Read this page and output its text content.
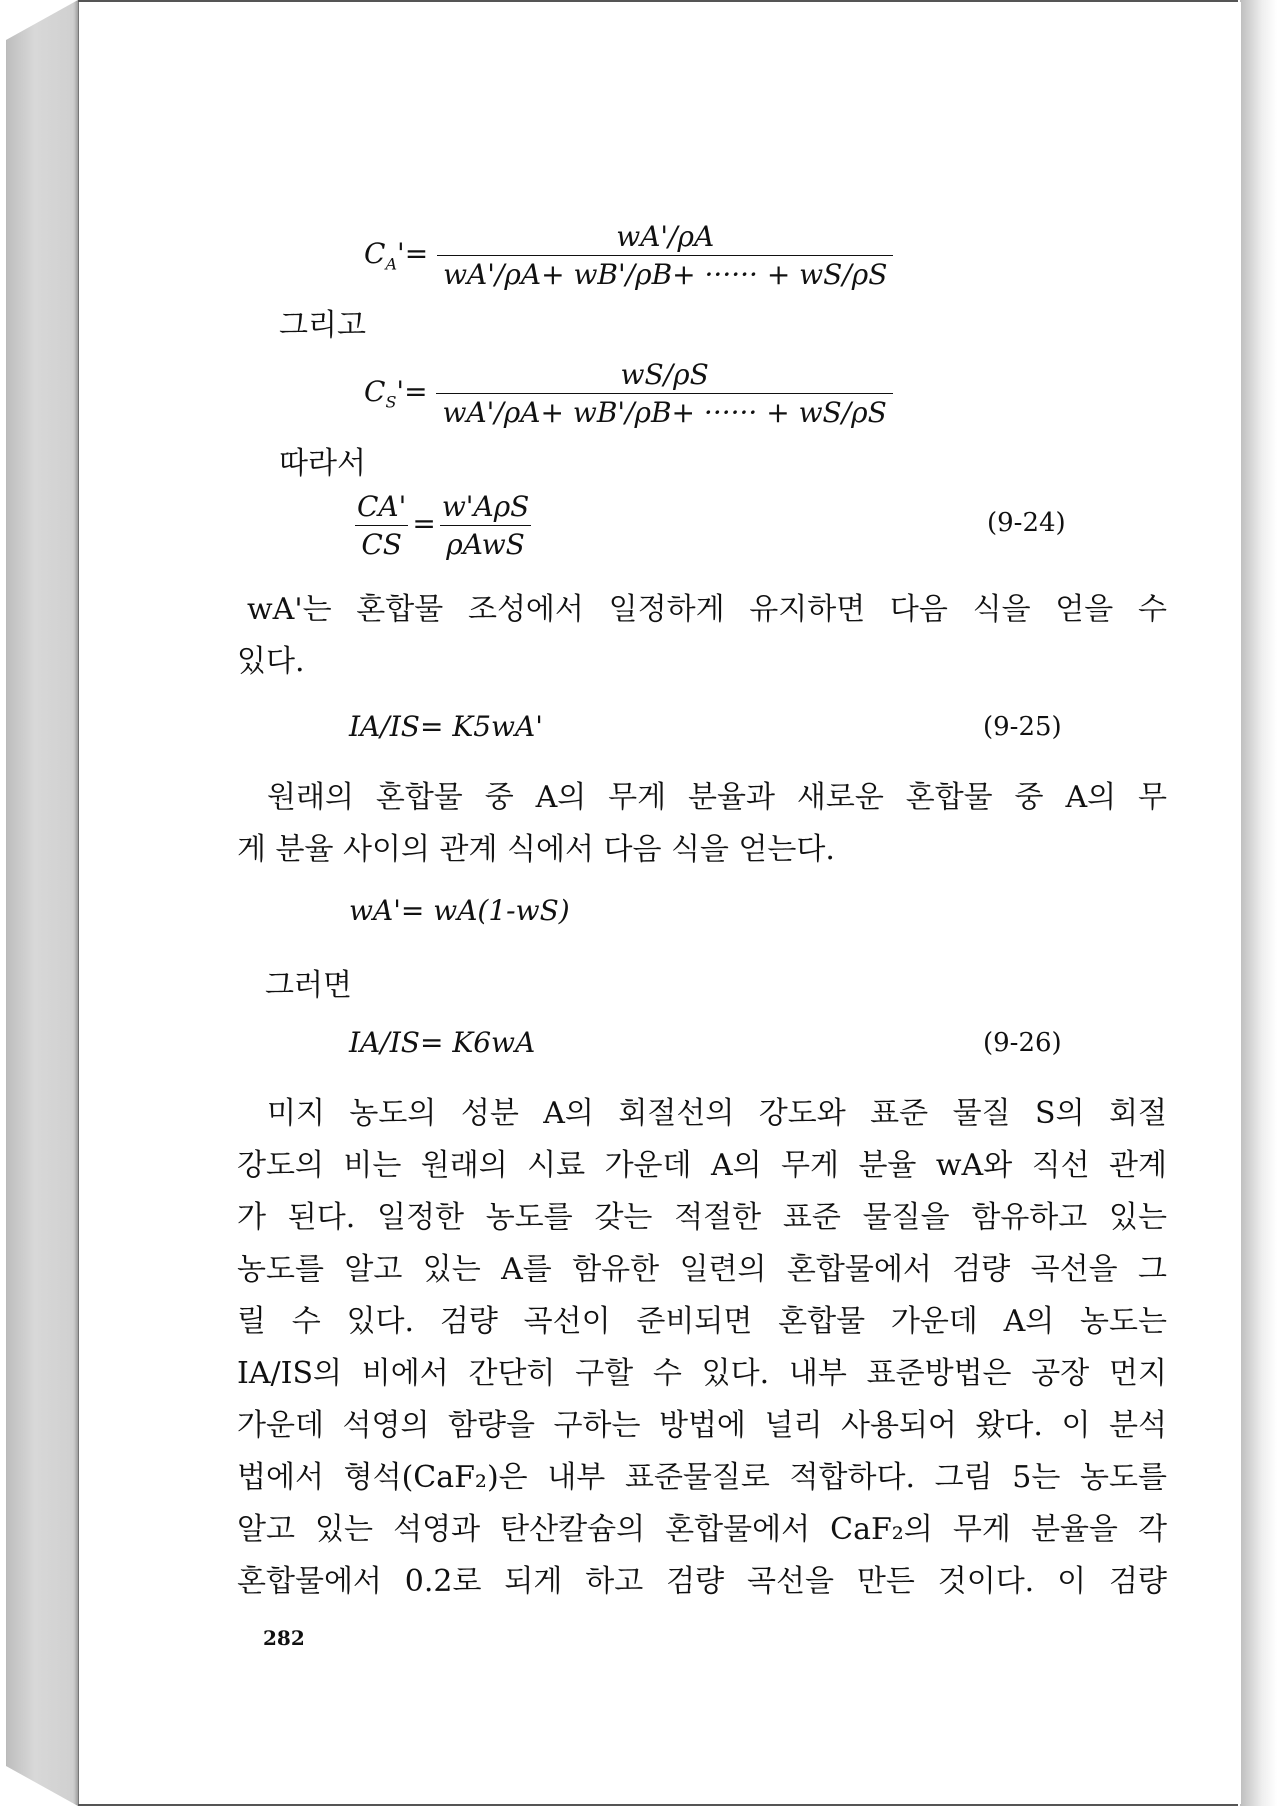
$C_A'= \frac{wA'/\rho A}{wA'/\rho A+ wB'/\rho B+ \cdot\cdot\cdot\cdot\cdot\cdot + wS/\rho S}$
그리고
$C_S'= \frac{wS/\rho S}{wA'/\rho A+ wB'/\rho B+ \cdot\cdot\cdot\cdot\cdot\cdot + wS/\rho S}$
따라서
$\frac{CA'}{CS} = \frac{\text{w'AρS}}{\text{ρAwS}}$	(9-24)
wA'는 혼합물 조성에서 일정하게 유지하면 다음 식을 얻을 수
있다.
IA/IS= K5wA'	(9-25)
원래의 혼합물 중 A의 무게 분율과 새로운 혼합물 중 A의 무
게 분율 사이의 관계 식에서 다음 식을 얻는다.
wA'= wA(1-wS)
그러면
IA/IS= K6wA	(9-26)
미지 농도의 성분 A의 회절선의 강도와 표준 물질 S의 회절
강도의 비는 원래의 시료 가운데 A의 무게 분율 wA와 직선 관계
가 된다. 일정한 농도를 갖는 적절한 표준 물질을 함유하고 있는
농도를 알고 있는 A를 함유한 일련의 혼합물에서 검량 곡선을 그
릴 수 있다. 검량 곡선이 준비되면 혼합물 가운데 A의 농도는
IA/IS의 비에서 간단히 구할 수 있다. 내부 표준방법은 공장 먼지
가운데 석영의 함량을 구하는 방법에 널리 사용되어 왔다. 이 분석
법에서 형석(CaF₂)은 내부 표준물질로 적합하다. 그림 5는 농도를
알고 있는 석영과 탄산칼슘의 혼합물에서 CaF₂의 무게 분율을 각
혼합물에서 0.2로 되게 하고 검량 곡선을 만든 것이다. 이 검량
282
